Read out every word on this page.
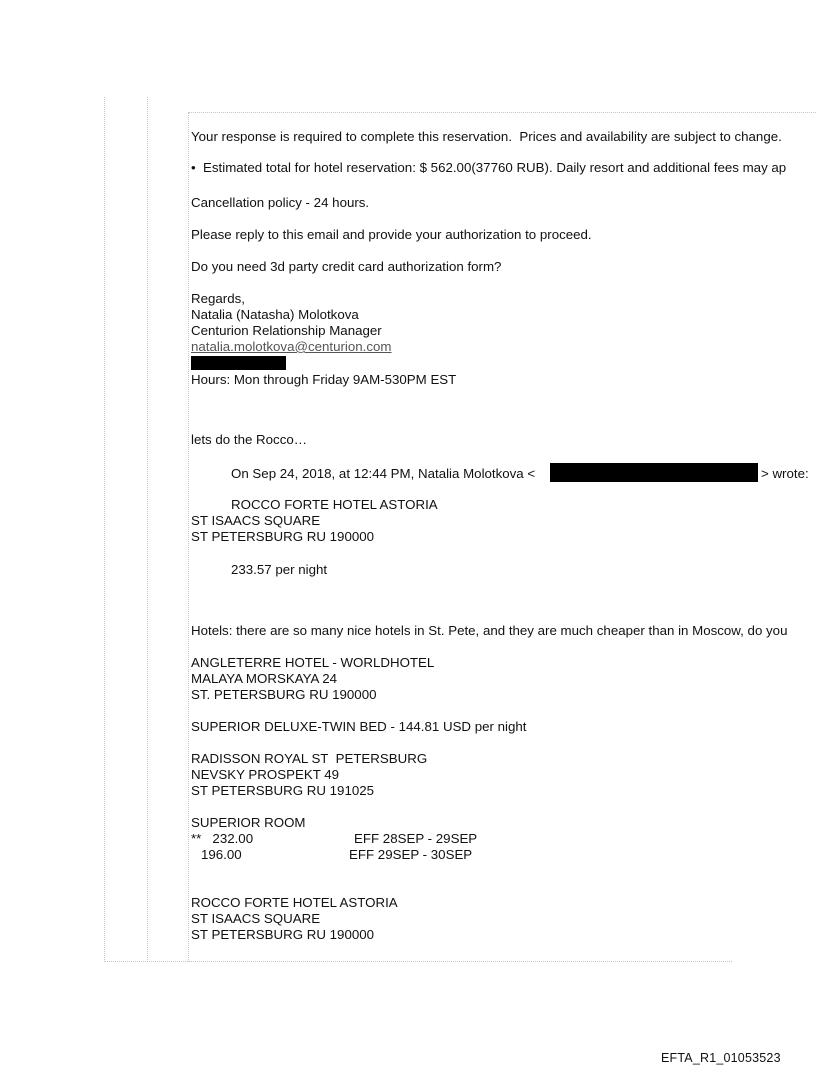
Your response is required to complete this reservation.  Prices and availability are subject to change.
•  Estimated total for hotel reservation: $ 562.00(37760 RUB). Daily resort and additional fees may ap
Cancellation policy - 24 hours.
Please reply to this email and provide your authorization to proceed.
Do you need 3d party credit card authorization form?
Regards,
Natalia (Natasha) Molotkova
Centurion Relationship Manager
natalia.molotkova@centurion.com
Hours: Mon through Friday 9AM-530PM EST
lets do the Rocco…
On Sep 24, 2018, at 12:44 PM, Natalia Molotkova <	> wrote:
ROCCO FORTE HOTEL ASTORIA
ST ISAACS SQUARE
ST PETERSBURG RU 190000
233.57 per night
Hotels: there are so many nice hotels in St. Pete, and they are much cheaper than in Moscow, do you
ANGLETERRE HOTEL - WORLDHOTEL
MALAYA MORSKAYA 24
ST. PETERSBURG RU 190000
SUPERIOR DELUXE-TWIN BED - 144.81 USD per night
RADISSON ROYAL ST  PETERSBURG
NEVSKY PROSPEKT 49
ST PETERSBURG RU 191025
SUPERIOR ROOM
**   232.00	EFF 28SEP - 29SEP
196.00	EFF 29SEP - 30SEP
ROCCO FORTE HOTEL ASTORIA
ST ISAACS SQUARE
ST PETERSBURG RU 190000
EFTA_R1_01053523
